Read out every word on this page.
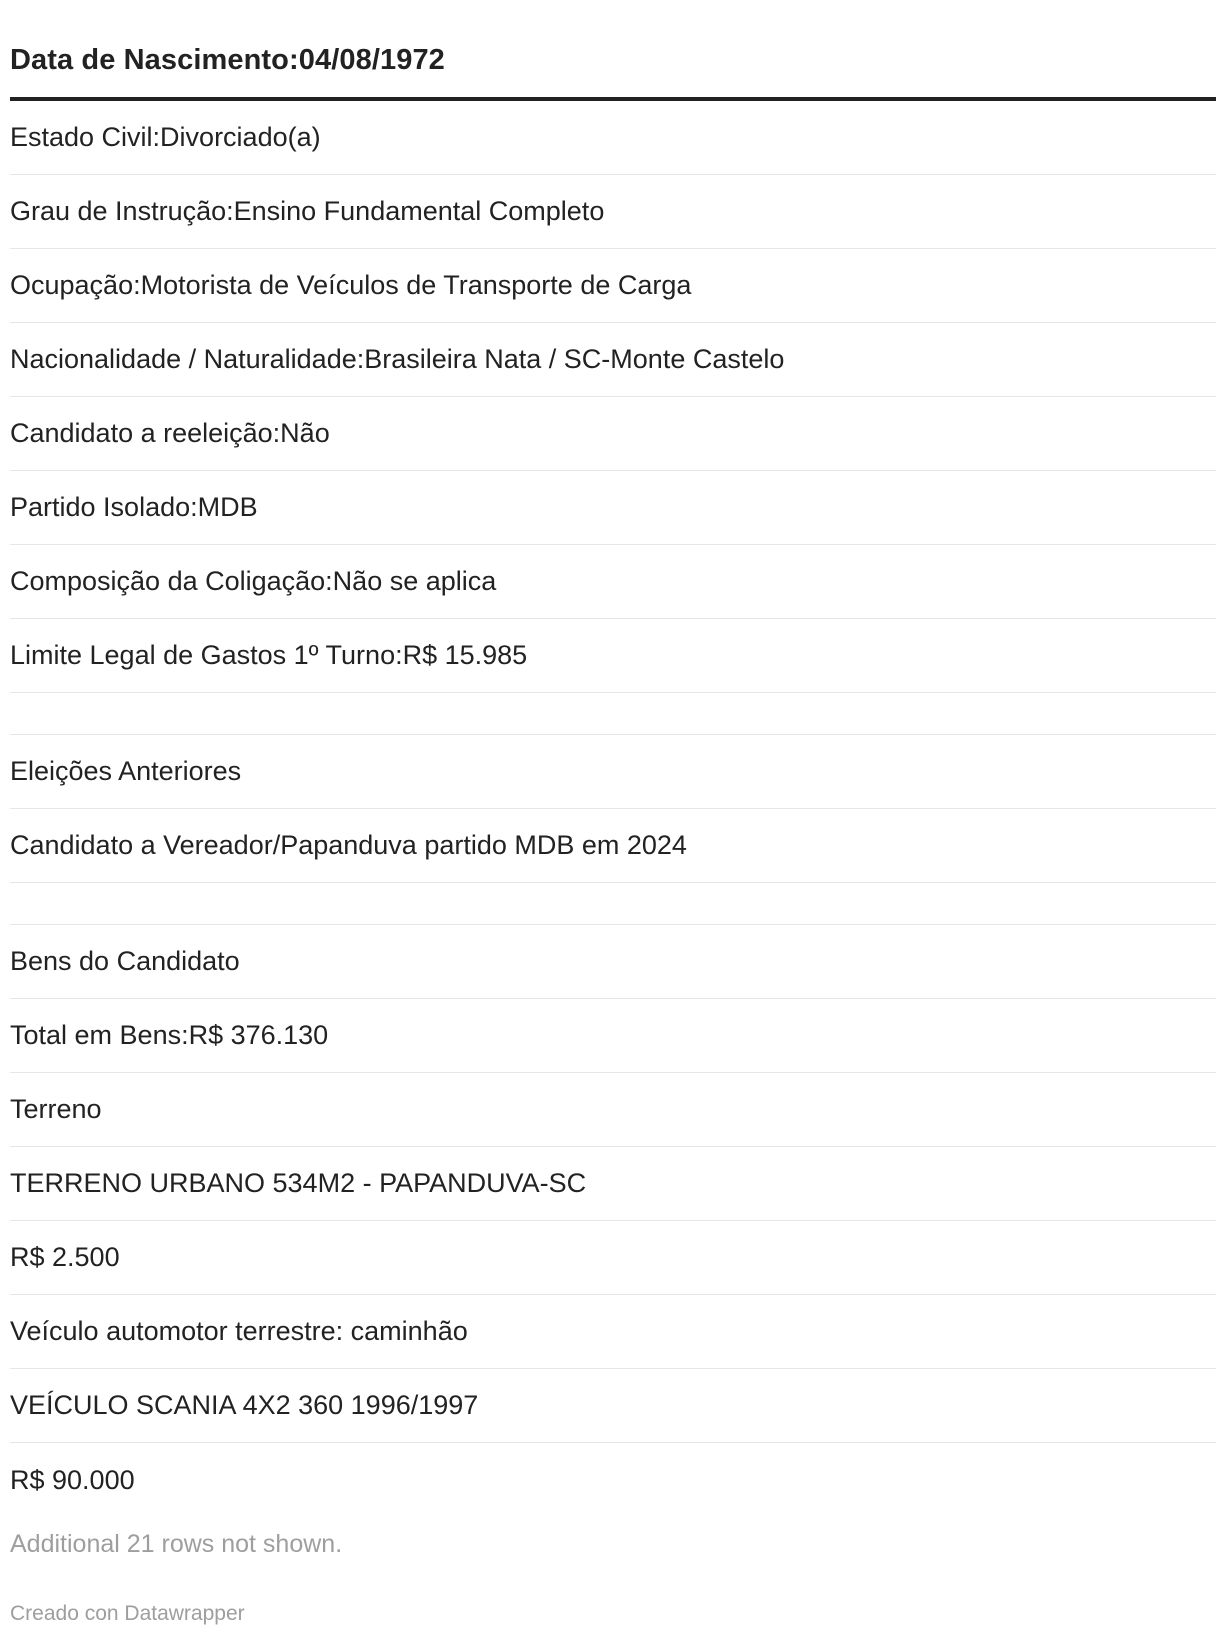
Data de Nascimento:04/08/1972
Estado Civil:Divorciado(a)
Grau de Instrução:Ensino Fundamental Completo
Ocupação:Motorista de Veículos de Transporte de Carga
Nacionalidade / Naturalidade:Brasileira Nata / SC-Monte Castelo
Candidato a reeleição:Não
Partido Isolado:MDB
Composição da Coligação:Não se aplica
Limite Legal de Gastos 1º Turno:R$ 15.985
Eleições Anteriores
Candidato a Vereador/Papanduva partido MDB em 2024
Bens do Candidato
Total em Bens:R$ 376.130
Terreno
TERRENO URBANO 534M2 - PAPANDUVA-SC
R$ 2.500
Veículo automotor terrestre: caminhão
VEÍCULO SCANIA 4X2 360 1996/1997
R$ 90.000
Additional 21 rows not shown.
Creado con Datawrapper
